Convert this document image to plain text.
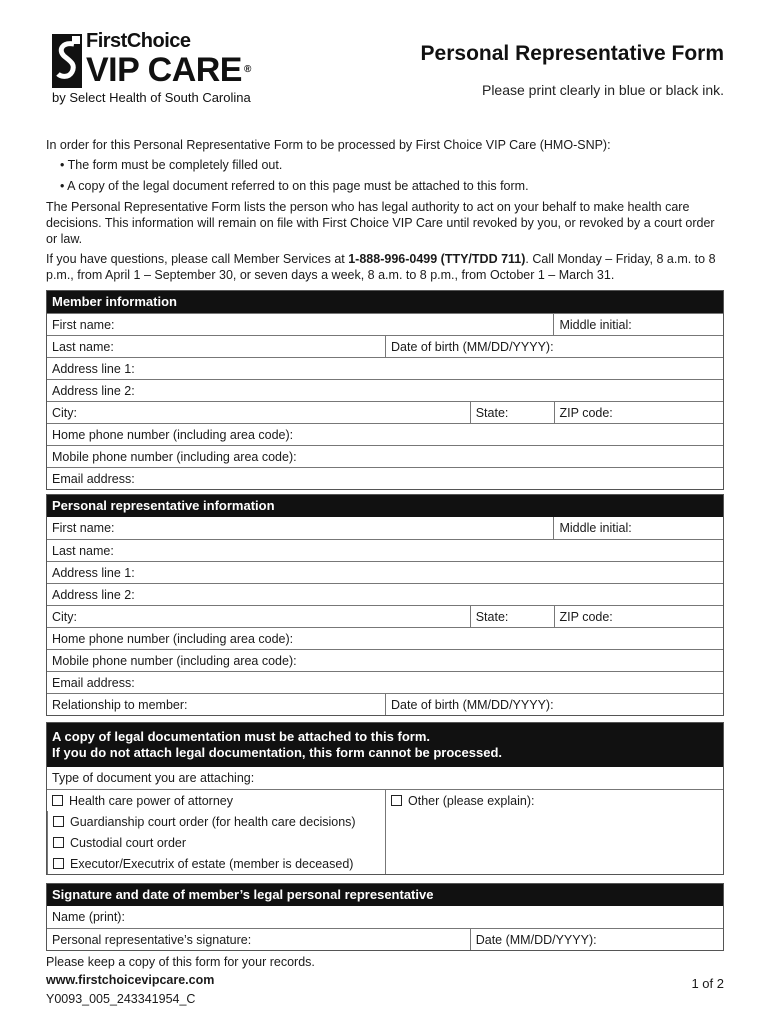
FirstChoice
VIP CARE ®
by Select Health of South Carolina
Personal Representative Form
Please print clearly in blue or black ink.

In order for this Personal Representative Form to be processed by First Choice VIP Care (HMO-SNP):

• The form must be completely filled out.
• A copy of the legal document referred to on this page must be attached to this form.

The Personal Representative Form lists the person who has legal authority to act on your behalf to make health care decisions. This information will remain on file with First Choice VIP Care until revoked by you, or revoked by a court order or law.

If you have questions, please call Member Services at 1-888-996-0499 (TTY/TDD 711). Call Monday – Friday, 8 a.m. to 8 p.m., from April 1 – September 30, or seven days a week, 8 a.m. to 8 p.m., from October 1 – March 31.

Member information
First name:	Middle initial:
Last name:	Date of birth (MM/DD/YYYY):
Address line 1:
Address line 2:
City:	State:	ZIP code:
Home phone number (including area code):
Mobile phone number (including area code):
Email address:
Personal representative information
First name:	Middle initial:
Last name:
Address line 1:
Address line 2:
City:	State:	ZIP code:
Home phone number (including area code):
Mobile phone number (including area code):
Email address:
Relationship to member:	Date of birth (MM/DD/YYYY):
A copy of legal documentation must be attached to this form.
If you do not attach legal documentation, this form cannot be processed.
Type of document you are attaching:
Health care power of attorney
Guardianship court order (for health care decisions)
Custodial court order
Executor/Executrix of estate (member is deceased)
Other (please explain):
Signature and date of member’s legal personal representative
Name (print):
Personal representative’s signature:	Date (MM/DD/YYYY):
Please keep a copy of this form for your records.
www.firstchoicevipcare.com
Y0093_005_243341954_C
1 of 2
